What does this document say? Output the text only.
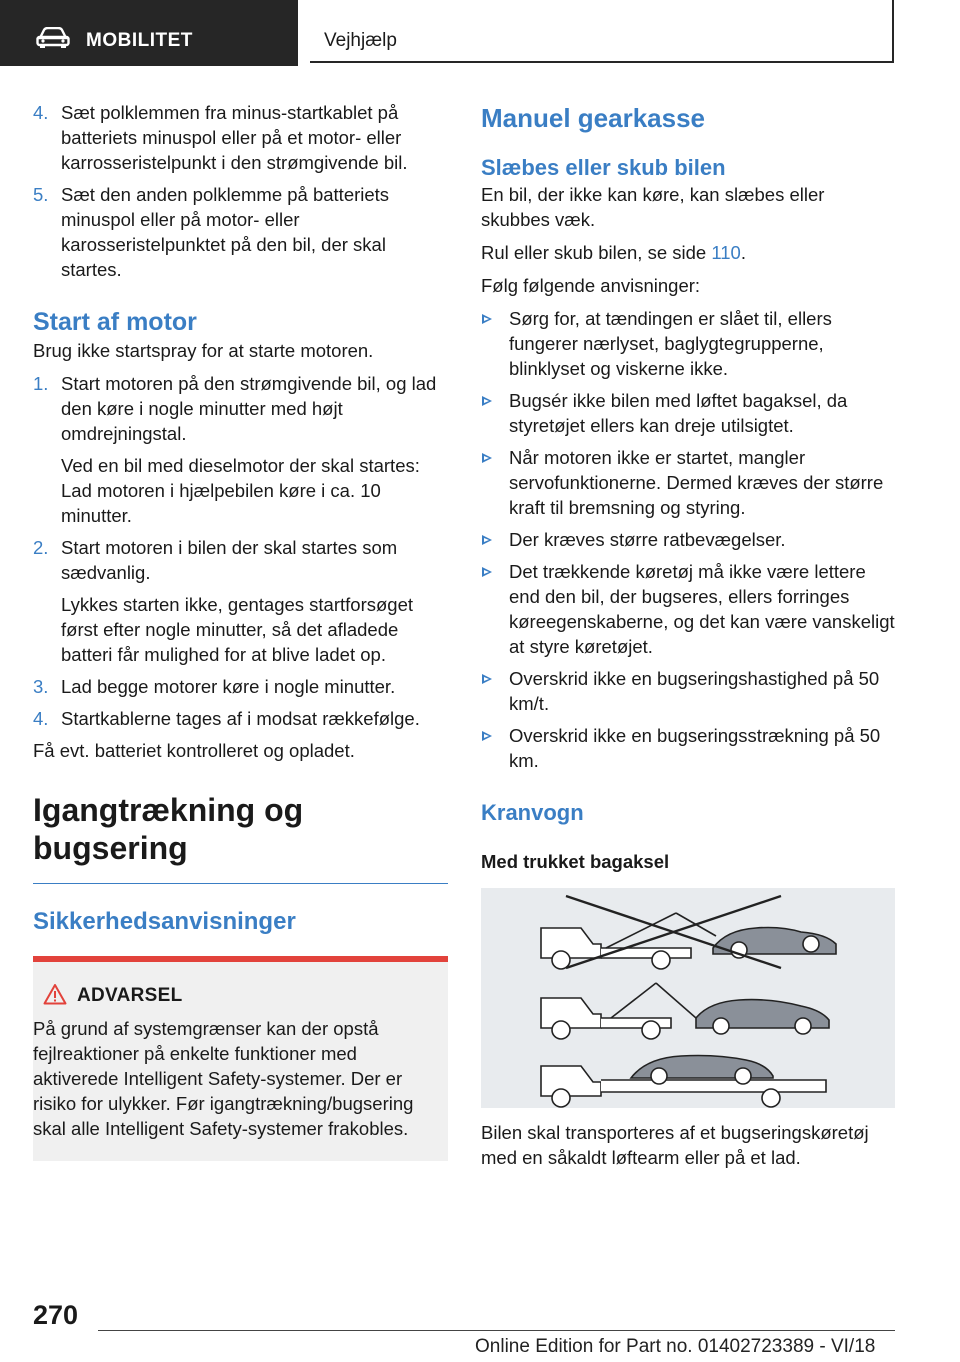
MOBILITET	Vejhjælp
4. Sæt polklemmen fra minus-startkablet på batteriets minuspol eller på et motor- eller karrosseristelpunkt i den strømgivende bil.

5. Sæt den anden polklemme på batteriets minuspol eller på motor- eller karosseristelpunktet på den bil, der skal startes.

Start af motor

Brug ikke startspray for at starte motoren.

1. Start motoren på den strømgivende bil, og lad den køre i nogle minutter med højt omdrejningstal.

Ved en bil med dieselmotor der skal startes: Lad motoren i hjælpebilen køre i ca. 10 minutter.

2. Start motoren i bilen der skal startes som sædvanlig.

Lykkes starten ikke, gentages startforsøget først efter nogle minutter, så det afladede batteri får mulighed for at blive ladet op.

3. Lad begge motorer køre i nogle minutter.

4. Startkablerne tages af i modsat rækkefølge.

Få evt. batteriet kontrolleret og opladet.

Igangtrækning og bugsering
Sikkerhedsanvisninger
ADVARSEL

På grund af systemgrænser kan der opstå fejlreaktioner på enkelte funktioner med aktiverede Intelligent Safety-systemer. Der er risiko for ulykker. Før igangtrækning/bugsering skal alle Intelligent Safety-systemer frakobles.

Manuel gearkasse
Slæbes eller skub bilen

En bil, der ikke kan køre, kan slæbes eller skubbes væk.

Rul eller skub bilen, se side 110.

Følg følgende anvisninger:

Sørg for, at tændingen er slået til, ellers fungerer nærlyset, baglygtegrupperne, blinklyset og viskerne ikke.

Bugsér ikke bilen med løftet bagaksel, da styretøjet ellers kan dreje utilsigtet.

Når motoren ikke er startet, mangler servofunktionerne. Dermed kræves der større kraft til bremsning og styring.

Der kræves større ratbevægelser.

Det trækkende køretøj må ikke være lettere end den bil, der bugseres, ellers forringes køreegenskaberne, og det kan være vanskeligt at styre køretøjet.

Overskrid ikke en bugseringshastighed på 50 km/t.

Overskrid ikke en bugseringsstrækning på 50 km.

Kranvogn
Med trukket bagaksel

Bilen skal transporteres af et bugseringskøretøj med en såkaldt løftearm eller på et lad.

270
Online Edition for Part no. 01402723389 - VI/18
